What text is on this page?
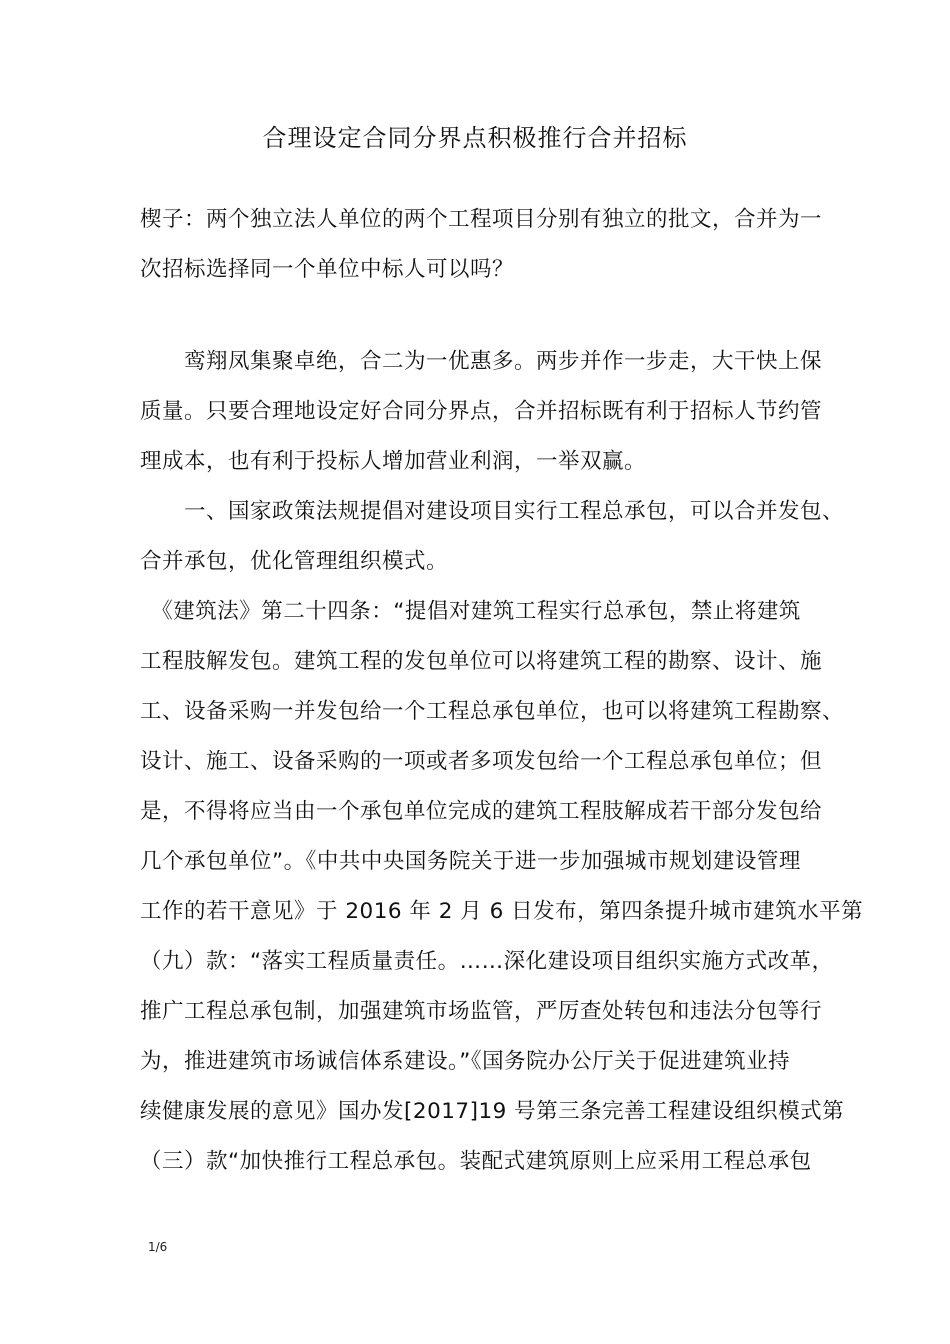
合理设定合同分界点积极推行合并招标
楔子：两个独立法人单位的两个工程项目分别有独立的批文，合并为一
次招标选择同一个单位中标人可以吗？
　　鸾翔凤集聚卓绝，合二为一优惠多。两步并作一步走，大干快上保
质量。只要合理地设定好合同分界点，合并招标既有利于招标人节约管
理成本，也有利于投标人增加营业利润，一举双赢。
　　一、国家政策法规提倡对建设项目实行工程总承包，可以合并发包、
合并承包，优化管理组织模式。
　《建筑法》第二十四条：“提倡对建筑工程实行总承包，禁止将建筑
工程肢解发包。建筑工程的发包单位可以将建筑工程的勘察、设计、施
工、设备采购一并发包给一个工程总承包单位，也可以将建筑工程勘察、
设计、施工、设备采购的一项或者多项发包给一个工程总承包单位；但
是，不得将应当由一个承包单位完成的建筑工程肢解成若干部分发包给
几个承包单位”。《中共中央国务院关于进一步加强城市规划建设管理
工作的若干意见》于 2016 年 2 月 6 日发布，第四条提升城市建筑水平第
（九）款：“落实工程质量责任。……深化建设项目组织实施方式改革，
推广工程总承包制，加强建筑市场监管，严厉查处转包和违法分包等行
为，推进建筑市场诚信体系建设。”《国务院办公厅关于促进建筑业持
续健康发展的意见》国办发[2017]19 号第三条完善工程建设组织模式第
（三）款“加快推行工程总承包。装配式建筑原则上应采用工程总承包
1/6
